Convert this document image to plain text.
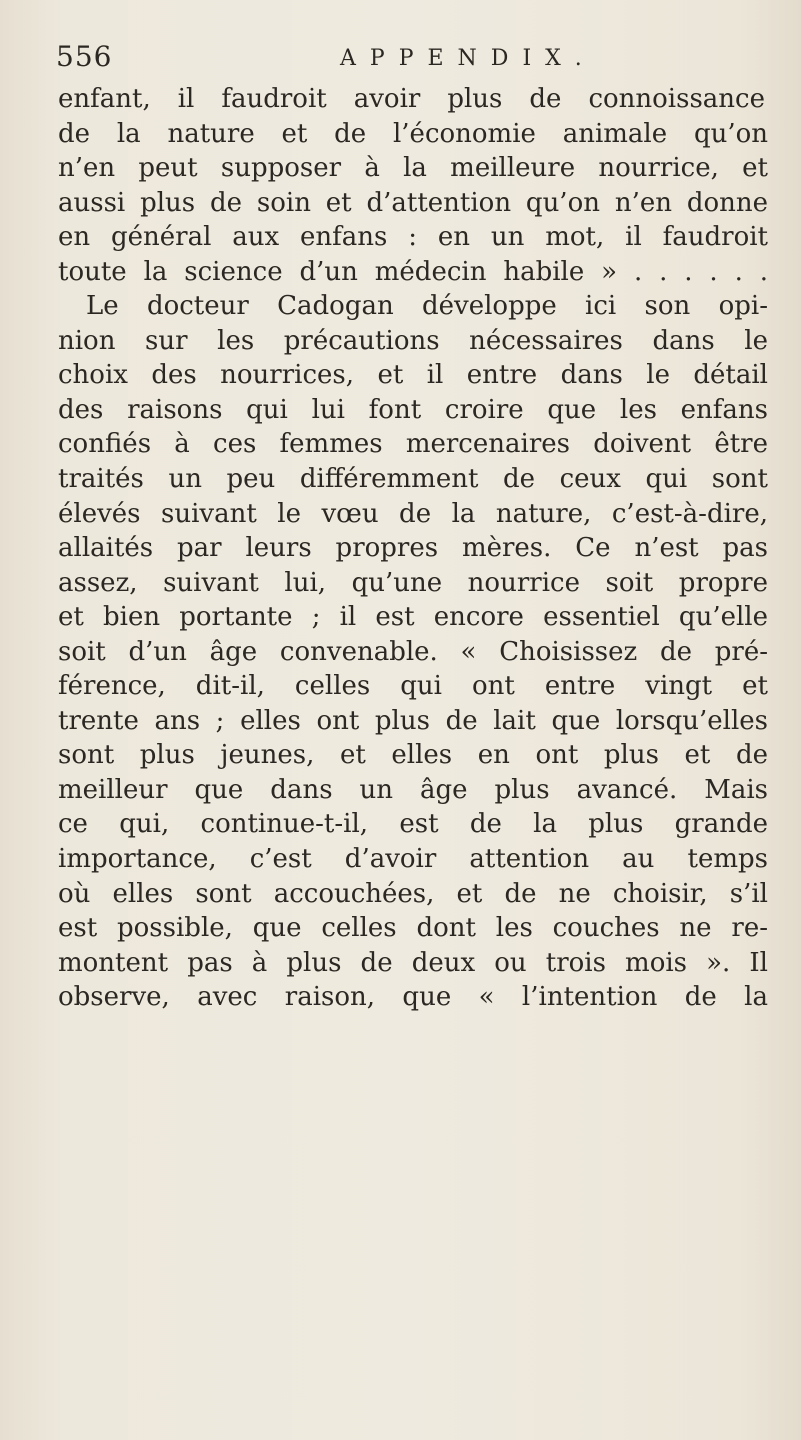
556	APPENDIX.
enfant, il faudroit avoir plus de connoissance
de la nature et de l’économie animale qu’on
n’en peut supposer à la meilleure nourrice, et
aussi plus de soin et d’attention qu’on n’en donne
en général aux enfans : en un mot, il faudroit
toute la science d’un médecin habile » . . . . . .
Le docteur Cadogan développe ici son opi-
nion sur les précautions nécessaires dans le
choix des nourrices, et il entre dans le détail
des raisons qui lui font croire que les enfans
confiés à ces femmes mercenaires doivent être
traités un peu différemment de ceux qui sont
élevés suivant le vœu de la nature, c’est-à-dire,
allaités par leurs propres mères. Ce n’est pas
assez, suivant lui, qu’une nourrice soit propre
et bien portante ; il est encore essentiel qu’elle
soit d’un âge convenable. « Choisissez de pré-
férence, dit-il, celles qui ont entre vingt et
trente ans ; elles ont plus de lait que lorsqu’elles
sont plus jeunes, et elles en ont plus et de
meilleur que dans un âge plus avancé. Mais
ce qui, continue-t-il, est de la plus grande
importance, c’est d’avoir attention au temps
où elles sont accouchées, et de ne choisir, s’il
est possible, que celles dont les couches ne re-
montent pas à plus de deux ou trois mois ». Il
observe, avec raison, que « l’intention de la
